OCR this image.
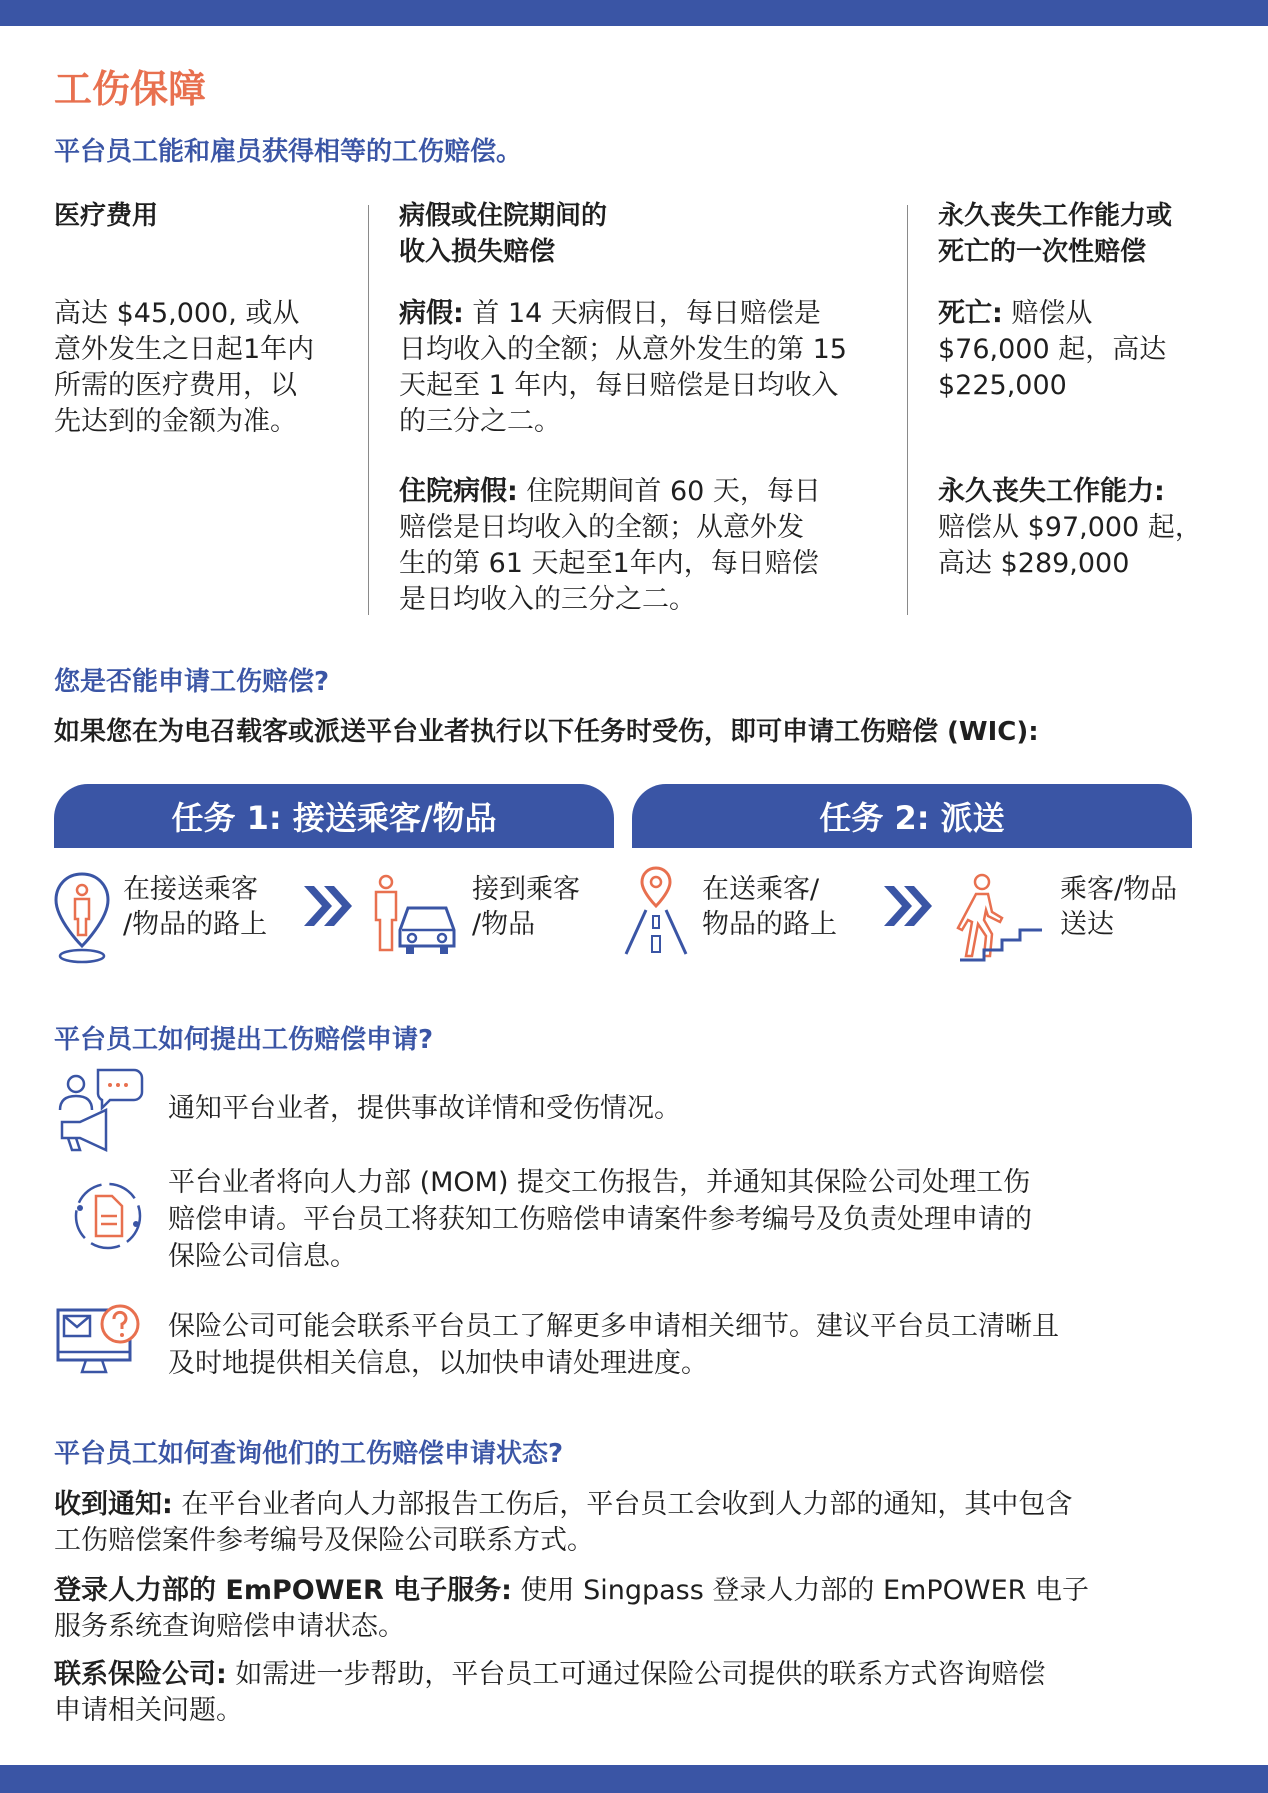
工伤保障
平台员工能和雇员获得相等的工伤赔偿。
医疗费用

高达 $45,000, 或从
意外发生之日起1年内
所需的医疗费用，以
先达到的金额为准。

病假或住院期间的
收入损失赔偿

病假: 首 14 天病假日，每日赔偿是
日均收入的全额；从意外发生的第 15
天起至 1 年内，每日赔偿是日均收入
的三分之二。

住院病假: 住院期间首 60 天，每日
赔偿是日均收入的全额；从意外发
生的第 61 天起至1年内，每日赔偿
是日均收入的三分之二。

永久丧失工作能力或
死亡的一次性赔偿

死亡: 赔偿从
$76,000 起，高达
$225,000

永久丧失工作能力:
赔偿从 $97,000 起，
高达 $289,000

您是否能申请工伤赔偿?
如果您在为电召载客或派送平台业者执行以下任务时受伤，即可申请工伤赔偿 (WIC):
任务 1: 接送乘客/物品	任务 2: 派送
在接送乘客
/物品的路上
接到乘客
/物品
在送乘客/
物品的路上
乘客/物品
送达
平台员工如何提出工伤赔偿申请?
通知平台业者，提供事故详情和受伤情况。
平台业者将向人力部 (MOM) 提交工伤报告，并通知其保险公司处理工伤
赔偿申请。平台员工将获知工伤赔偿申请案件参考编号及负责处理申请的
保险公司信息。
保险公司可能会联系平台员工了解更多申请相关细节。建议平台员工清晰且
及时地提供相关信息，以加快申请处理进度。
平台员工如何查询他们的工伤赔偿申请状态?
收到通知: 在平台业者向人力部报告工伤后，平台员工会收到人力部的通知，其中包含
工伤赔偿案件参考编号及保险公司联系方式。
登录人力部的 EmPOWER 电子服务: 使用 Singpass 登录人力部的 EmPOWER 电子
服务系统查询赔偿申请状态。
联系保险公司: 如需进一步帮助，平台员工可通过保险公司提供的联系方式咨询赔偿
申请相关问题。
